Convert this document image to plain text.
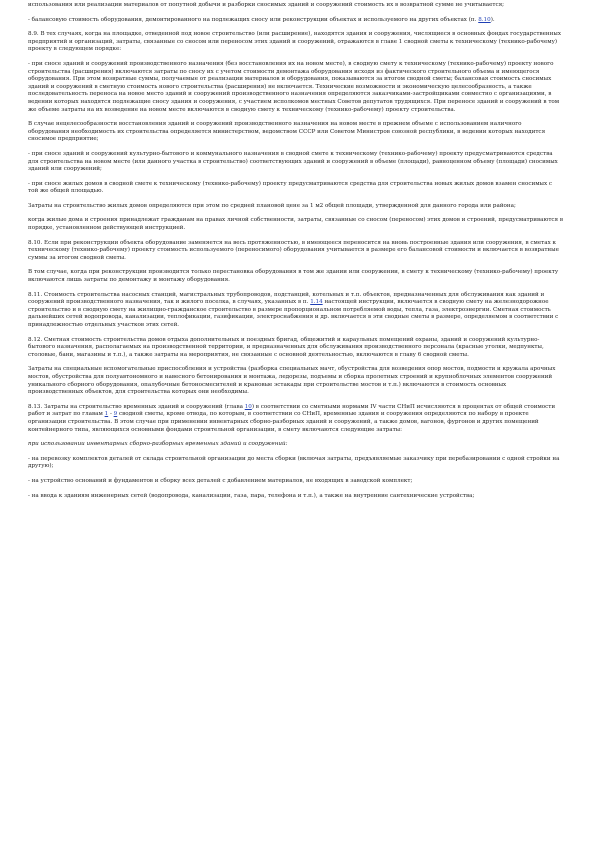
использования или реализации материалов от попутной добычи и разборки сносимых зданий и сооружений стоимость их в возвратной сумме не учитывается;

- балансовую стоимость оборудования, демонтированного на подлежащих сносу или реконструкции объектах и используемого на других объектах (п. 8.10).

8.9. В тех случаях, когда на площадке, отведенной под новое строительство (или расширение), находятся здания и сооружения, числящиеся в основных фондах государственных предприятий и организаций, затраты, связанные со сносом или переносом этих зданий и сооружений, отражаются в главе 1 сводной сметы к техническому (технико-рабочему) проекту в следующем порядке:

- при сносе зданий и сооружений производственного назначения (без восстановления их на новом месте), в сводную смету к техническому (технико-рабочему) проекту нового строительства (расширения) включаются затраты по сносу их с учетом стоимости демонтажа оборудования исходя из фактического строительного объема и имеющегося оборудования. При этом возвратные суммы, получаемые от реализации материалов и оборудования, показываются за итогом сводной сметы; балансовая стоимость сносимых зданий и сооружений в сметную стоимость нового строительства (расширения) не включается. Технические возможности и экономическую целесообразность, а также последовательность переноса на новое место зданий и сооружений производственного назначения определяются заказчиками-застройщиками совместно с организациями, в ведении которых находятся подлежащие сносу здания и сооружения, с участием исполкомов местных Советов депутатов трудящихся. При переносе зданий и сооружений в том же объеме затраты на их возведение на новом месте включаются в сводную смету к техническому (технико-рабочему) проекту строительства.

В случае нецелесообразности восстановления зданий и сооружений производственного назначения на новом месте в прежнем объеме с использованием наличного оборудования необходимость их строительства определяется министерством, ведомством СССР или Советом Министров союзной республики, в ведении которых находится сносимое предприятие;

- при сносе зданий и сооружений культурно-бытового и коммунального назначения в сводной смете к техническому (технико-рабочему) проекту предусматриваются средства для строительства на новом месте (или данного участка в строительство) соответствующих зданий и сооружений в объеме (площади), равноценном объему (площади) сносимых зданий или сооружений;

- при сносе жилых домов в сводной смете к техническому (технико-рабочему) проекту предусматриваются средства для строительства новых жилых домов взамен сносимых с той же общей площадью.

Затраты на строительство жилых домов определяются при этом по средней плановой цене за 1 м2 общей площади, утвержденной для данного города или района;

когда жилые дома и строения принадлежат гражданам на правах личной собственности, затраты, связанные со сносом (переносом) этих домов и строений, предусматриваются в порядке, установленном действующей инструкцией.

8.10. Если при реконструкции объекта оборудование заменяется на весь протяженностью, в имеющееся переносится на вновь построенные здания или сооружения, в сметах к техническому (технико-рабочему) проекту стоимость используемого (переносимого) оборудования учитывается в размере его балансовой стоимости и включается в возвратные суммы за итогом сводной сметы.

В том случае, когда при реконструкции производится только перестановка оборудования в том же здании или сооружении, в смету к техническому (технико-рабочему) проекту включаются лишь затраты по демонтажу и монтажу оборудования.

8.11. Стоимость строительства насосных станций, магистральных трубопроводов, подстанций, котельных и т.п. объектов, предназначенных для обслуживания как зданий и сооружений производственного назначения, так и жилого поселка, в случаях, указанных в п. 1.14 настоящей инструкции, включается в сводную смету на железнодорожное строительство и в сводную смету на жилищно-гражданское строительство в размере пропорциональном потребляемой воды, тепла, газа, электроэнергии. Сметная стоимость дальнейших сетей водопровода, канализации, теплофикации, газификации, электроснабжения и др. включается в эти сводные сметы в размере, определяемом в соответствии с принадлежностью отдельных участков этих сетей.

8.12. Сметная стоимость строительства домов отдыха дополнительных и поездных бригад, общежитий и караульных помещений охраны, зданий и сооружений культурно-бытового назначения, располагаемых на производственной территории, и предназначенных для обслуживания производственного персонала (красные уголки, медпункты, столовые, бани, магазины и т.п.), а также затраты на мероприятия, не связанные с основной деятельностью, включаются в главу 6 сводной сметы.

Затраты на специальные вспомогательные приспособления и устройства (разборка специальных мачт, обустройства для возведения опор мостов, подмости и кружала арочных мостов, обустройства для полуавтономного и навесного бетонирования и монтажа, ледорезы, подъемы и сборка пролетных строений и крупноблочных элементов сооружений уникального сборного оборудования, опалубочные бетоносмесителей и крановые эстакады при строительстве мостов и т.п.) включаются в стоимость основных производственных объектов, для строительства которых они необходимы.

8.13. Затраты на строительство временных зданий и сооружений (глава 10) в соответствии со сметными нормами IV части СНиП исчисляются в процентах от общей стоимости работ и затрат по главам 1 - 9 сводной сметы, кроме отвода, по которым, в соответствии со СНиП, временные здания и сооружения определяются по набору в проекте организации строительства. В этом случае при применении инвентарных сборно-разборных зданий и сооружений, а также домов, вагонов, фургонов и других помещений контейнерного типа, являющихся основными фондами строительной организации, в смету включаются следующие затраты:

при использовании инвентарных сборно-разборных временных зданий и сооружений:

- на перевозку комплектов деталей от склада строительной организации до места сборки (включая затраты, предъявляемые заказчику при перебазировании с одной стройки на другую);

- на устройство оснований и фундаментов и сборку всех деталей с добавлением материалов, не входящих в заводской комплект;

- на ввода к зданиям инженерных сетей (водопровода, канализации, газа, пара, телефона и т.п.), а также на внутренние сантехнические устройства;
